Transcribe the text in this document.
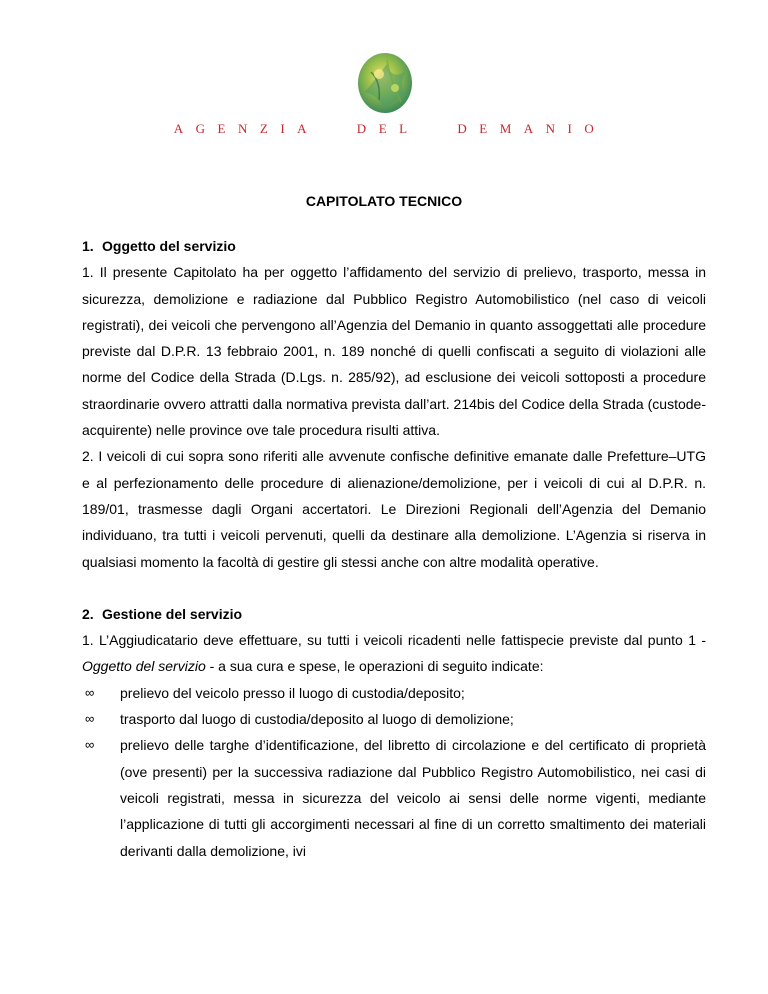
A G E N Z I A	D E L	D E M A N I O
CAPITOLATO TECNICO
1. Oggetto del servizio

1. Il presente Capitolato ha per oggetto l’affidamento del servizio di prelievo, trasporto, messa in sicurezza, demolizione e radiazione dal Pubblico Registro Automobilistico (nel caso di veicoli registrati), dei veicoli che pervengono all’Agenzia del Demanio in quanto assoggettati alle procedure previste dal D.P.R. 13 febbraio 2001, n. 189 nonché di quelli confiscati a seguito di violazioni alle norme del Codice della Strada (D.Lgs. n. 285/92), ad esclusione dei veicoli sottoposti a procedure straordinarie ovvero attratti dalla normativa prevista dall’art. 214bis del Codice della Strada (custode-acquirente) nelle province ove tale procedura risulti attiva.

2. I veicoli di cui sopra sono riferiti alle avvenute confische definitive emanate dalle Prefetture–UTG e al perfezionamento delle procedure di alienazione/demolizione, per i veicoli di cui al D.P.R. n. 189/01, trasmesse dagli Organi accertatori. Le Direzioni Regionali dell’Agenzia del Demanio individuano, tra tutti i veicoli pervenuti, quelli da destinare alla demolizione. L’Agenzia si riserva in qualsiasi momento la facoltà di gestire gli stessi anche con altre modalità operative.

2. Gestione del servizio

1. L’Aggiudicatario deve effettuare, su tutti i veicoli ricadenti nelle fattispecie previste dal punto 1 - Oggetto del servizio - a sua cura e spese, le operazioni di seguito indicate:

∞ prelievo del veicolo presso il luogo di custodia/deposito;
∞ trasporto dal luogo di custodia/deposito al luogo di demolizione;
∞ prelievo delle targhe d’identificazione, del libretto di circolazione e del certificato di proprietà (ove presenti) per la successiva radiazione dal Pubblico Registro Automobilistico, nei casi di veicoli registrati, messa in sicurezza del veicolo ai sensi delle norme vigenti, mediante l’applicazione di tutti gli accorgimenti necessari al fine di un corretto smaltimento dei materiali derivanti dalla demolizione, ivi
